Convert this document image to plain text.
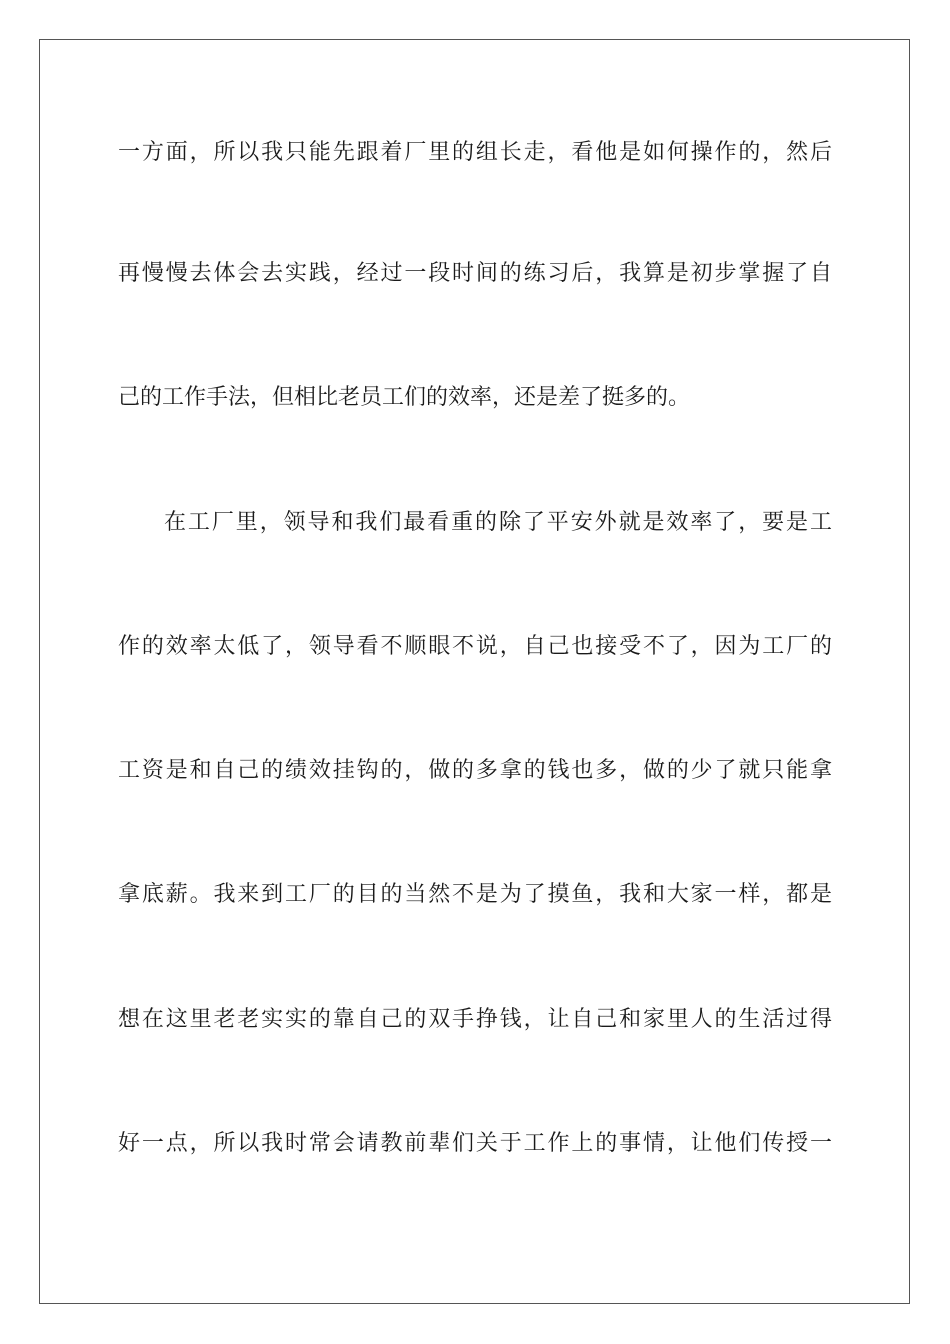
一方面，所以我只能先跟着厂里的组长走，看他是如何操作的，然后
再慢慢去体会去实践，经过一段时间的练习后，我算是初步掌握了自
己的工作手法，但相比老员工们的效率，还是差了挺多的。
在工厂里，领导和我们最看重的除了平安外就是效率了，要是工
作的效率太低了，领导看不顺眼不说，自己也接受不了，因为工厂的
工资是和自己的绩效挂钩的，做的多拿的钱也多，做的少了就只能拿
拿底薪。我来到工厂的目的当然不是为了摸鱼，我和大家一样，都是
想在这里老老实实的靠自己的双手挣钱，让自己和家里人的生活过得
好一点，所以我时常会请教前辈们关于工作上的事情，让他们传授一
